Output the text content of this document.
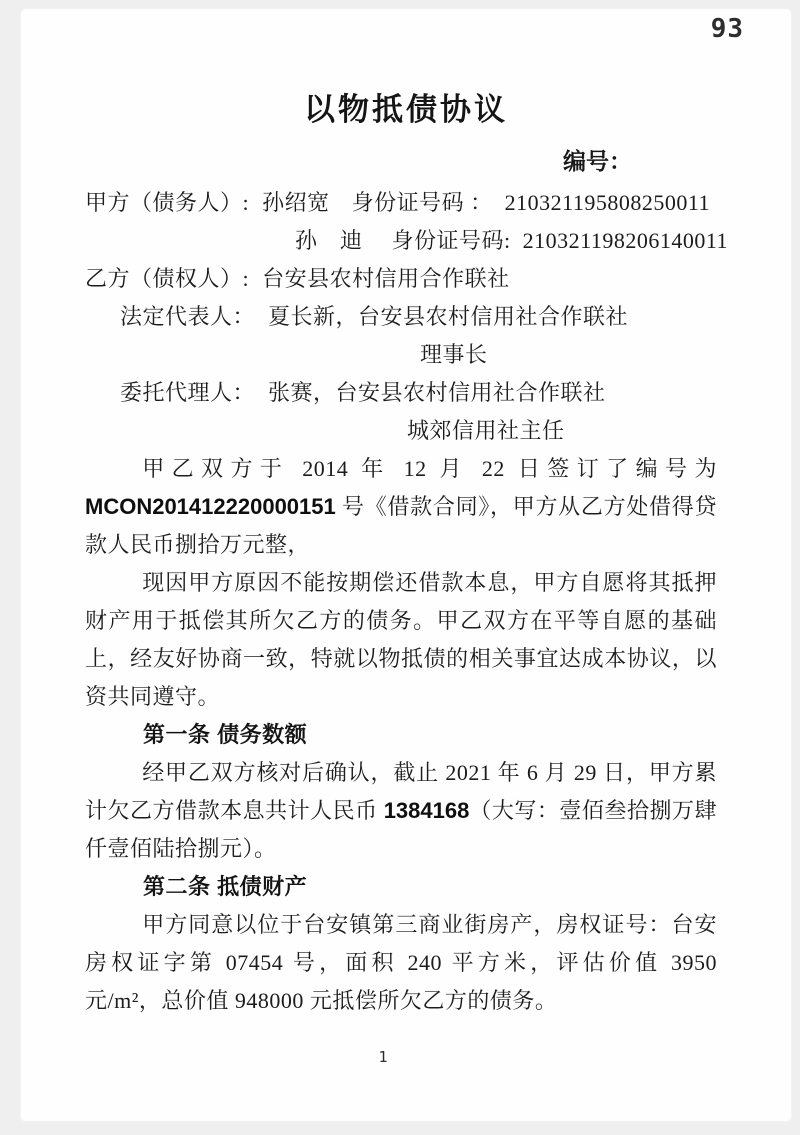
93
以物抵债协议
编号：
甲方（债务人）: 孙绍宽 身份证号码 ： 210321195808250011
孙　迪 身份证号码: 210321198206140011
乙方（债权人）: 台安县农村信用合作联社
法定代表人： 夏长新，台安县农村信用社合作联社
理事长
委托代理人： 张赛，台安县农村信用社合作联社
城郊信用社主任

甲乙双方于 2014 年 12 月 22 日签订了编号为MCON201412220000151 号《借款合同》，甲方从乙方处借得贷款人民币捌拾万元整，

现因甲方原因不能按期偿还借款本息，甲方自愿将其抵押财产用于抵偿其所欠乙方的债务。甲乙双方在平等自愿的基础上，经友好协商一致，特就以物抵债的相关事宜达成本协议，以资共同遵守。

第一条 债务数额

经甲乙双方核对后确认，截止 2021 年 6 月 29 日，甲方累计欠乙方借款本息共计人民币 1384168（大写：壹佰叁拾捌万肆仟壹佰陆拾捌元）。

第二条 抵债财产

甲方同意以位于台安镇第三商业街房产，房权证号：台安房权证字第 07454 号，面积 240 平方米，评估价值 3950 元/m²，总价值 948000 元抵偿所欠乙方的债务。

1
